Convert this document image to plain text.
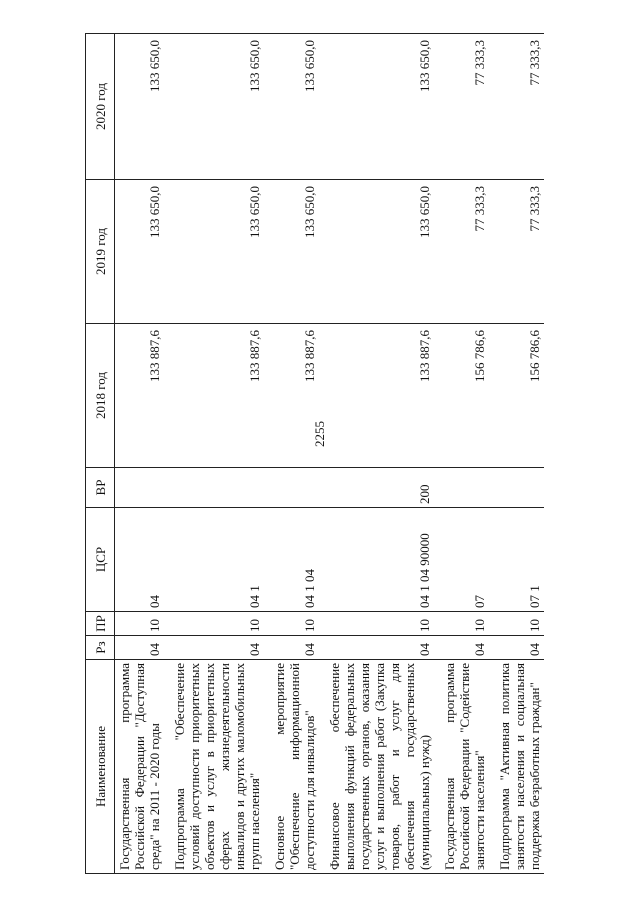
2255
Наименование	Рз	ПР	ЦСР	ВР	2018 год	2019 год	2020 год
Государственная программа Российской Федерации "Доступная среда" на 2011 - 2020 годы	04	10	04		133 887,6	133 650,0	133 650,0
Подпрограмма "Обеспечение условий доступности приоритетных объектов и услуг в приоритетных сферах жизнедеятельности инвалидов и других маломобильных групп населения"	04	10	04 1		133 887,6	133 650,0	133 650,0
Основное мероприятие "Обеспечение информационной доступности для инвалидов"	04	10	04 1 04		133 887,6	133 650,0	133 650,0
Финансовое обеспечение выполнения функций федеральных государственных органов, оказания услуг и выполнения работ (Закупка товаров, работ и услуг для обеспечения государственных (муниципальных) нужд)	04	10	04 1 04 90000	200	133 887,6	133 650,0	133 650,0
Государственная программа Российской Федерации "Содействие занятости населения"	04	10	07		156 786,6	77 333,3	77 333,3
Подпрограмма "Активная политика занятости населения и социальная поддержка безработных граждан"	04	10	07 1		156 786,6	77 333,3	77 333,3
